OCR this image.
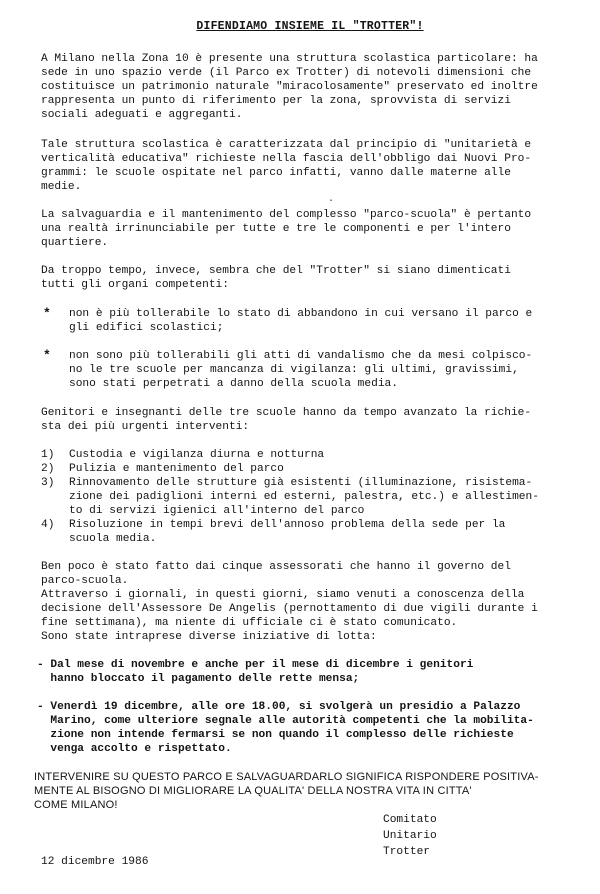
DIFENDIAMO INSIEME IL "TROTTER"!

A Milano nella Zona 10 è presente una struttura scolastica particolare: ha
sede in uno spazio verde (il Parco ex Trotter) di notevoli dimensioni che
costituisce un patrimonio naturale "miracolosamente" preservato ed inoltre
rappresenta un punto di riferimento per la zona, sprovvista di servizi
sociali adeguati e aggreganti.

Tale struttura scolastica è caratterizzata dal principio di "unitarietà e
verticalità educativa" richieste nella fascia dell'obbligo dai Nuovi Pro-
grammi: le scuole ospitate nel parco infatti, vanno dalle materne alle
medie.

.

La salvaguardia e il mantenimento del complesso "parco-scuola" è pertanto
una realtà irrinunciabile per tutte e tre le componenti e per l'intero
quartiere.

Da troppo tempo, invece, sembra che del "Trotter" si siano dimenticati
tutti gli organi competenti:

* non è più tollerabile lo stato di abbandono in cui versano il parco e
gli edifici scolastici;

* non sono più tollerabili gli atti di vandalismo che da mesi colpisco-
no le tre scuole per mancanza di vigilanza: gli ultimi, gravissimi,
sono stati perpetrati a danno della scuola media.

Genitori e insegnanti delle tre scuole hanno da tempo avanzato la richie-
sta dei più urgenti interventi:

1)	Custodia e vigilanza diurna e notturna

2)	Pulizia e mantenimento del parco

3)	Rinnovamento delle strutture già esistenti (illuminazione, risistema-
zione dei padiglioni interni ed esterni, palestra, etc.) e allestimen-
to di servizi igienici all'interno del parco

4)	Risoluzione in tempi brevi dell'annoso problema della sede per la
scuola media.

Ben poco è stato fatto dai cinque assessorati che hanno il governo del
parco-scuola.
Attraverso i giornali, in questi giorni, siamo venuti a conoscenza della
decisione dell'Assessore De Angelis (pernottamento di due vigili durante i
fine settimana), ma niente di ufficiale ci è stato comunicato.
Sono state intraprese diverse iniziative di lotta:

- Dal mese di novembre e anche per il mese di dicembre i genitori
hanno bloccato il pagamento delle rette mensa;

- Venerdì 19 dicembre, alle ore 18.00, si svolgerà un presidio a Palazzo
Marino, come ulteriore segnale alle autorità competenti che la mobilita-
zione non intende fermarsi se non quando il complesso delle richieste
venga accolto e rispettato.

INTERVENIRE SU QUESTO PARCO E SALVAGUARDARLO SIGNIFICA RISPONDERE POSITIVA-
MENTE AL BISOGNO DI MIGLIORARE LA QUALITA' DELLA NOSTRA VITA IN CITTA'
COME MILANO!

Comitato
Unitario
Trotter

12 dicembre 1986
